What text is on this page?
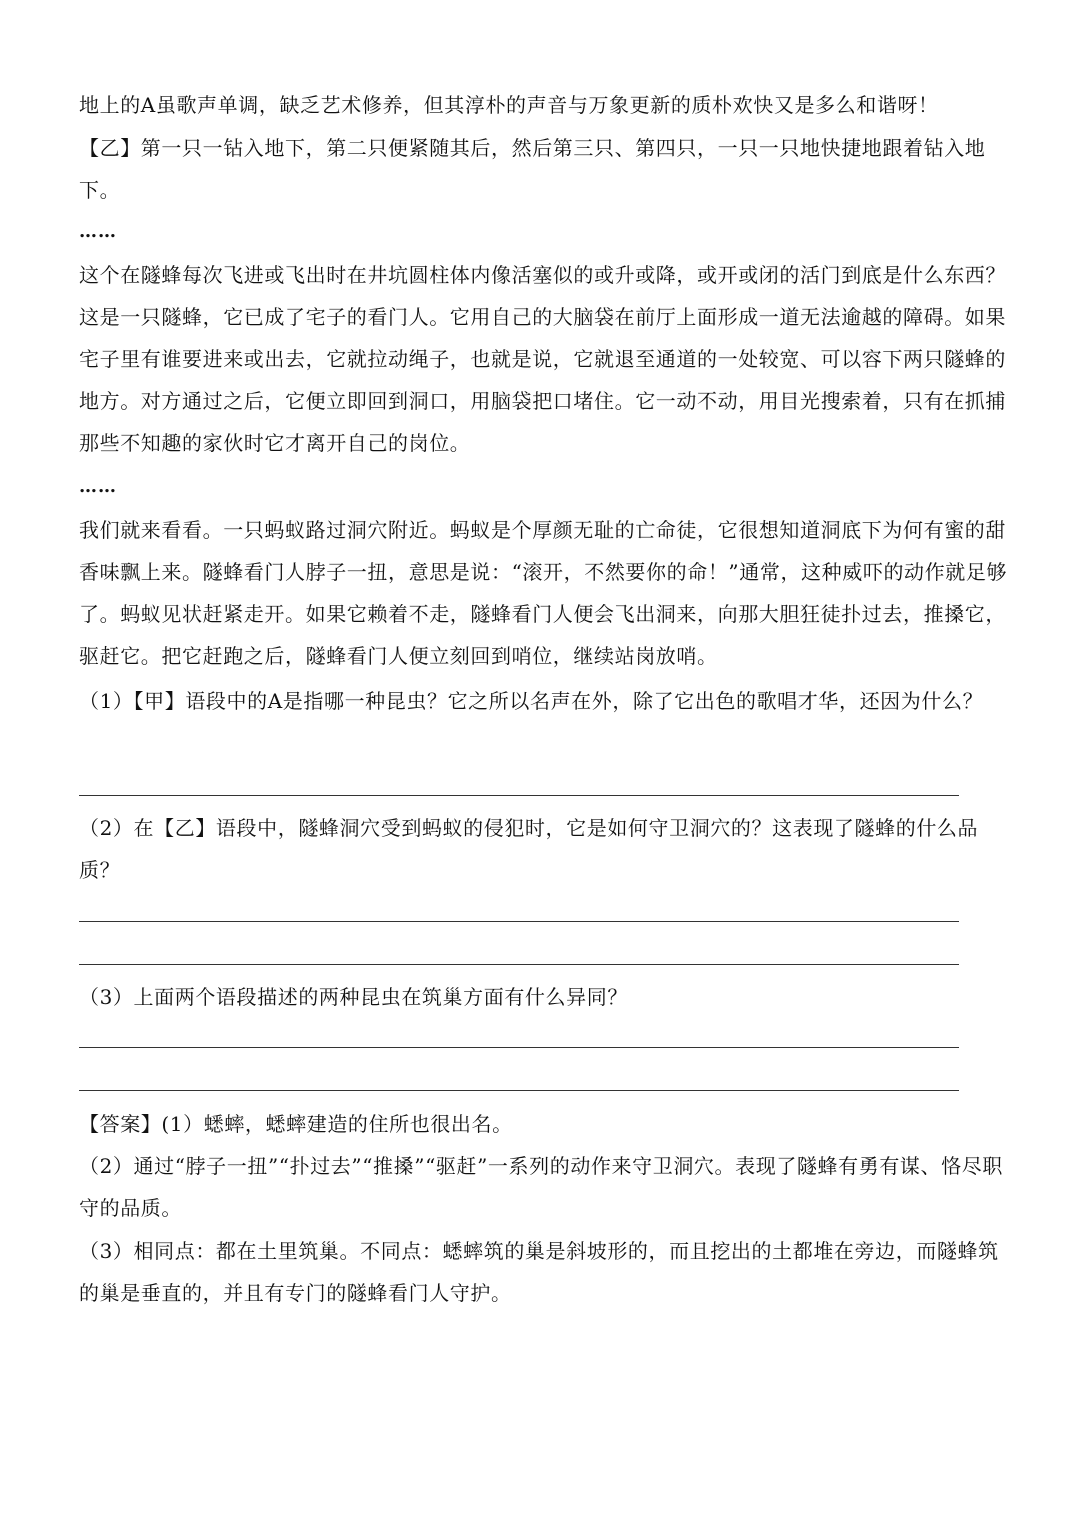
地上的A虽歌声单调，缺乏艺术修养，但其淳朴的声音与万象更新的质朴欢快又是多么和谐呀！

【乙】第一只一钻入地下，第二只便紧随其后，然后第三只、第四只，一只一只地快捷地跟着钻入地下。

……

这个在隧蜂每次飞进或飞出时在井坑圆柱体内像活塞似的或升或降，或开或闭的活门到底是什么东西？这是一只隧蜂，它已成了宅子的看门人。它用自己的大脑袋在前厅上面形成一道无法逾越的障碍。如果宅子里有谁要进来或出去，它就拉动绳子，也就是说，它就退至通道的一处较宽、可以容下两只隧蜂的地方。对方通过之后，它便立即回到洞口，用脑袋把口堵住。它一动不动，用目光搜索着，只有在抓捕那些不知趣的家伙时它才离开自己的岗位。

……

我们就来看看。一只蚂蚁路过洞穴附近。蚂蚁是个厚颜无耻的亡命徒，它很想知道洞底下为何有蜜的甜香味飘上来。隧蜂看门人脖子一扭，意思是说：“滚开，不然要你的命！”通常，这种威吓的动作就足够了。蚂蚁见状赶紧走开。如果它赖着不走，隧蜂看门人便会飞出洞来，向那大胆狂徒扑过去，推搡它，驱赶它。把它赶跑之后，隧蜂看门人便立刻回到哨位，继续站岗放哨。

（1）【甲】语段中的A是指哪一种昆虫？它之所以名声在外，除了它出色的歌唱才华，还因为什么？

（2）在【乙】语段中，隧蜂洞穴受到蚂蚁的侵犯时，它是如何守卫洞穴的？这表现了隧蜂的什么品质？

（3）上面两个语段描述的两种昆虫在筑巢方面有什么异同？

【答案】(1）蟋蟀，蟋蟀建造的住所也很出名。

（2）通过“脖子一扭”“扑过去”“推搡”“驱赶”一系列的动作来守卫洞穴。表现了隧蜂有勇有谋、恪尽职守的品质。

（3）相同点：都在土里筑巢。不同点：蟋蟀筑的巢是斜坡形的，而且挖出的土都堆在旁边，而隧蜂筑的巢是垂直的，并且有专门的隧蜂看门人守护。
